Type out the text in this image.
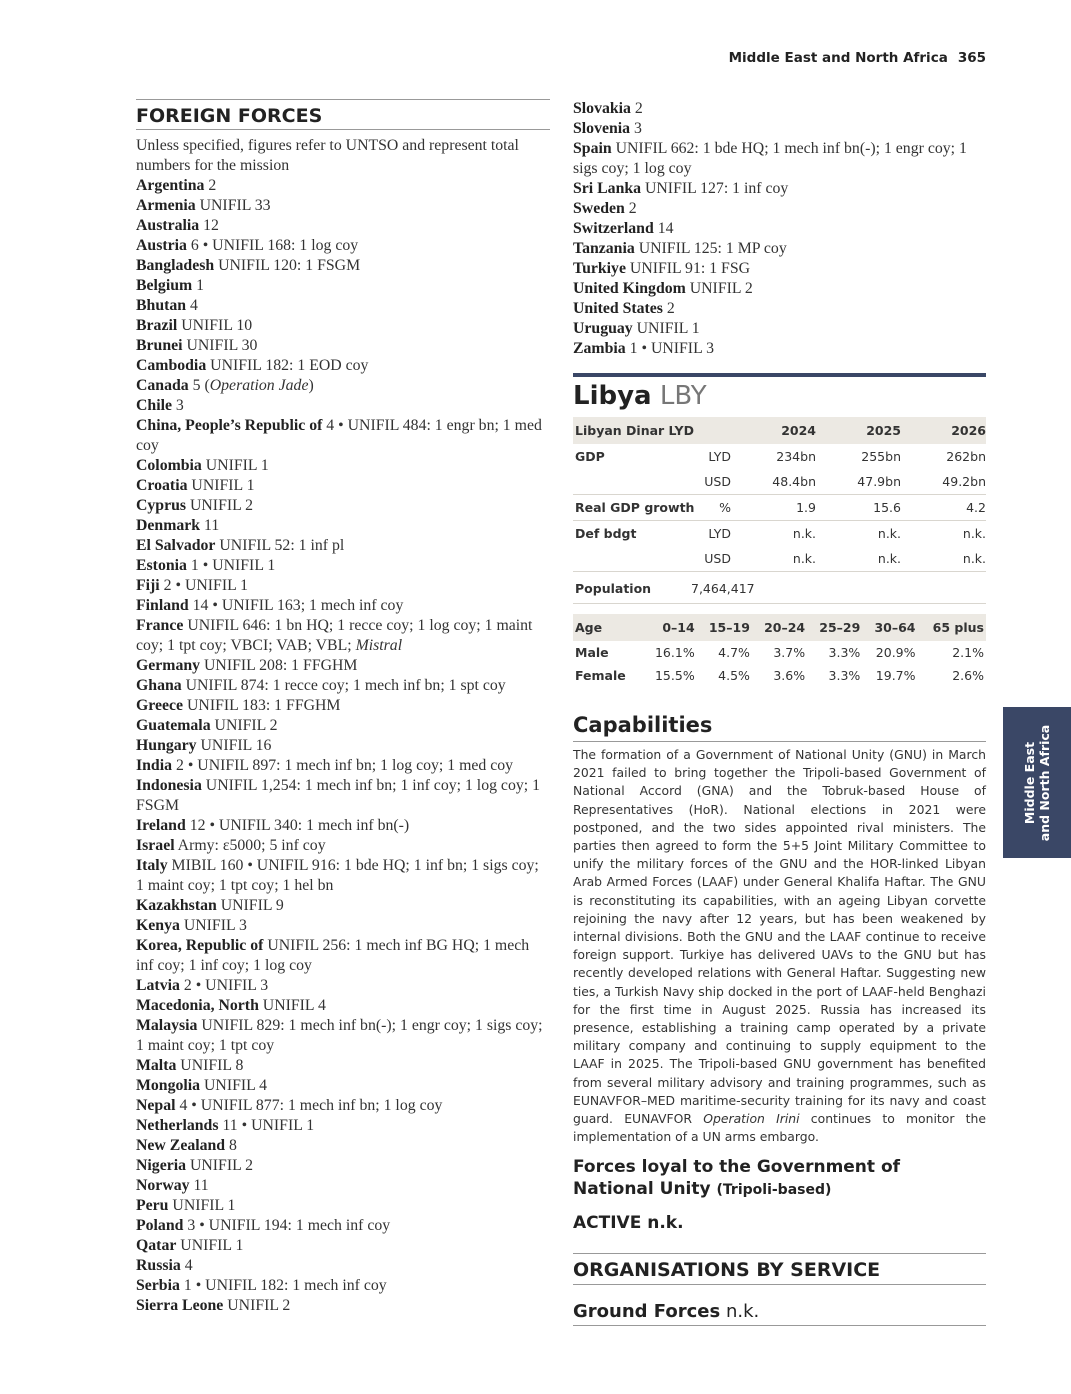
Middle East and North Africa 365
FOREIGN FORCES

Unless specified, figures refer to UNTSO and represent total numbers for the mission

Argentina 2

Armenia UNIFIL 33

Australia 12

Austria 6 • UNIFIL 168: 1 log coy

Bangladesh UNIFIL 120: 1 FSGM

Belgium 1

Bhutan 4

Brazil UNIFIL 10

Brunei UNIFIL 30

Cambodia UNIFIL 182: 1 EOD coy

Canada 5 (Operation Jade)

Chile 3

China, People’s Republic of 4 • UNIFIL 484: 1 engr bn; 1 med coy

Colombia UNIFIL 1

Croatia UNIFIL 1

Cyprus UNIFIL 2

Denmark 11

El Salvador UNIFIL 52: 1 inf pl

Estonia 1 • UNIFIL 1

Fiji 2 • UNIFIL 1

Finland 14 • UNIFIL 163; 1 mech inf coy

France UNIFIL 646: 1 bn HQ; 1 recce coy; 1 log coy; 1 maint coy; 1 tpt coy; VBCI; VAB; VBL; Mistral

Germany UNIFIL 208: 1 FFGHM

Ghana UNIFIL 874: 1 recce coy; 1 mech inf bn; 1 spt coy

Greece UNIFIL 183: 1 FFGHM

Guatemala UNIFIL 2

Hungary UNIFIL 16

India 2 • UNIFIL 897: 1 mech inf bn; 1 log coy; 1 med coy

Indonesia UNIFIL 1,254: 1 mech inf bn; 1 inf coy; 1 log coy; 1 FSGM

Ireland 12 • UNIFIL 340: 1 mech inf bn(-)

Israel Army: ε5000; 5 inf coy

Italy MIBIL 160 • UNIFIL 916: 1 bde HQ; 1 inf bn; 1 sigs coy; 1 maint coy; 1 tpt coy; 1 hel bn

Kazakhstan UNIFIL 9

Kenya UNIFIL 3

Korea, Republic of UNIFIL 256: 1 mech inf BG HQ; 1 mech inf coy; 1 inf coy; 1 log coy

Latvia 2 • UNIFIL 3

Macedonia, North UNIFIL 4

Malaysia UNIFIL 829: 1 mech inf bn(-); 1 engr coy; 1 sigs coy; 1 maint coy; 1 tpt coy

Malta UNIFIL 8

Mongolia UNIFIL 4

Nepal 4 • UNIFIL 877: 1 mech inf bn; 1 log coy

Netherlands 11 • UNIFIL 1

New Zealand 8

Nigeria UNIFIL 2

Norway 11

Peru UNIFIL 1

Poland 3 • UNIFIL 194: 1 mech inf coy

Qatar UNIFIL 1

Russia 4

Serbia 1 • UNIFIL 182: 1 mech inf coy

Sierra Leone UNIFIL 2

Slovakia 2

Slovenia 3

Spain UNIFIL 662: 1 bde HQ; 1 mech inf bn(-); 1 engr coy; 1 sigs coy; 1 log coy

Sri Lanka UNIFIL 127: 1 inf coy

Sweden 2

Switzerland 14

Tanzania UNIFIL 125: 1 MP coy

Turkiye UNIFIL 91: 1 FSG

United Kingdom UNIFIL 2

United States 2

Uruguay UNIFIL 1

Zambia 1 • UNIFIL 3

Libya LBY
Libyan Dinar LYD		2024	2025	2026
GDP	LYD	234bn	255bn	262bn
	USD	48.4bn	47.9bn	49.2bn
Real GDP growth	%	1.9	15.6	4.2
Def bdgt	LYD	n.k.	n.k.	n.k.
	USD	n.k.	n.k.	n.k.
Population	7,464,417
Age	0–14	15–19	20–24	25–29	30–64	65 plus
Male	16.1%	4.7%	3.7%	3.3%	20.9%	2.1%
Female	15.5%	4.5%	3.6%	3.3%	19.7%	2.6%
Capabilities

The formation of a Government of National Unity (GNU) in March 2021 failed to bring together the Tripoli-based Government of National Accord (GNA) and the Tobruk-based House of Representatives (HoR). National elections in 2021 were postponed, and the two sides appointed rival ministers. The parties then agreed to form the 5+5 Joint Military Committee to unify the military forces of the GNU and the HOR-linked Libyan Arab Armed Forces (LAAF) under General Khalifa Haftar. The GNU is reconstituting its capabilities, with an ageing Libyan corvette rejoining the navy after 12 years, but has been weakened by internal divisions. Both the GNU and the LAAF continue to receive foreign support. Turkiye has delivered UAVs to the GNU but has recently developed relations with General Haftar. Suggesting new ties, a Turkish Navy ship docked in the port of LAAF-held Benghazi for the first time in August 2025. Russia has increased its presence, establishing a training camp operated by a private military company and continuing to supply equipment to the LAAF in 2025. The Tripoli-based GNU government has benefited from several military advisory and training programmes, such as EUNAVFOR–MED maritime-security training for its navy and coast guard. EUNAVFOR Operation Irini continues to monitor the implementation of a UN arms embargo.

Forces loyal to the Government of National Unity (Tripoli-based)
ACTIVE n.k.
ORGANISATIONS BY SERVICE
Ground Forces n.k.
Middle East and North Africa
